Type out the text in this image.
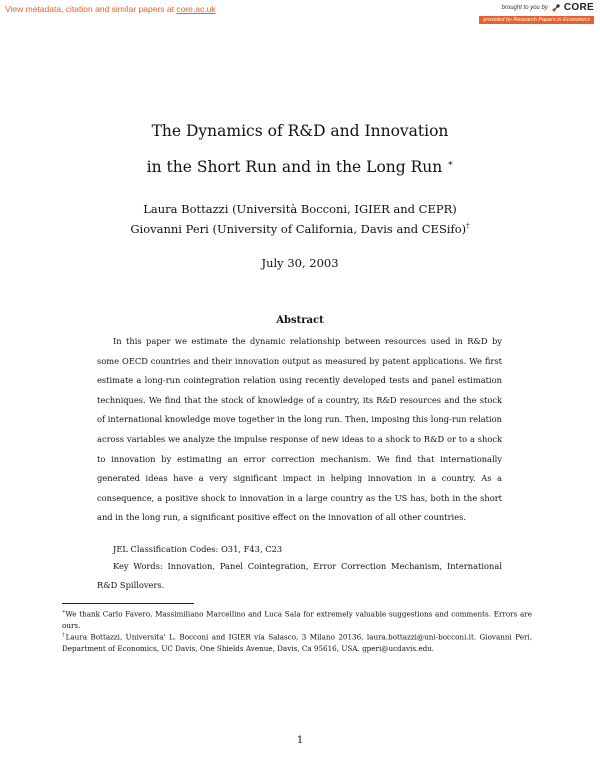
View metadata, citation and similar papers at core.ac.uk	brought to you by CORE
provided by Research Papers in Economics
The Dynamics of R&D and Innovation
in the Short Run and in the Long Run ∗
Laura Bottazzi (Università Bocconi, IGIER and CEPR)
Giovanni Peri (University of California, Davis and CESifo)†
July 30, 2003
Abstract
In this paper we estimate the dynamic relationship between resources used in R&D by some OECD countries and their innovation output as measured by patent applications. We first estimate a long-run cointegration relation using recently developed tests and panel estimation techniques. We find that the stock of knowledge of a country, its R&D resources and the stock of international knowledge move together in the long run. Then, imposing this long-run relation across variables we analyze the impulse response of new ideas to a shock to R&D or to a shock to innovation by estimating an error correction mechanism. We find that internationally generated ideas have a very significant impact in helping innovation in a country. As a consequence, a positive shock to innovation in a large country as the US has, both in the short and in the long run, a significant positive effect on the innovation of all other countries.
JEL Classification Codes: O31, F43, C23
Key Words: Innovation, Panel Cointegration, Error Correction Mechanism, International R&D Spillovers.
∗We thank Carlo Favero, Massimiliano Marcellino and Luca Sala for extremely valuable suggestions and comments. Errors are ours.
†Laura Bottazzi, Universita' L. Bocconi and IGIER via Salasco, 3 Milano 20136, laura.bottazzi@uni-bocconi.it. Giovanni Peri, Department of Economics, UC Davis, One Shields Avenue, Davis, Ca 95616, USA. gperi@ucdavis.edu.
1
